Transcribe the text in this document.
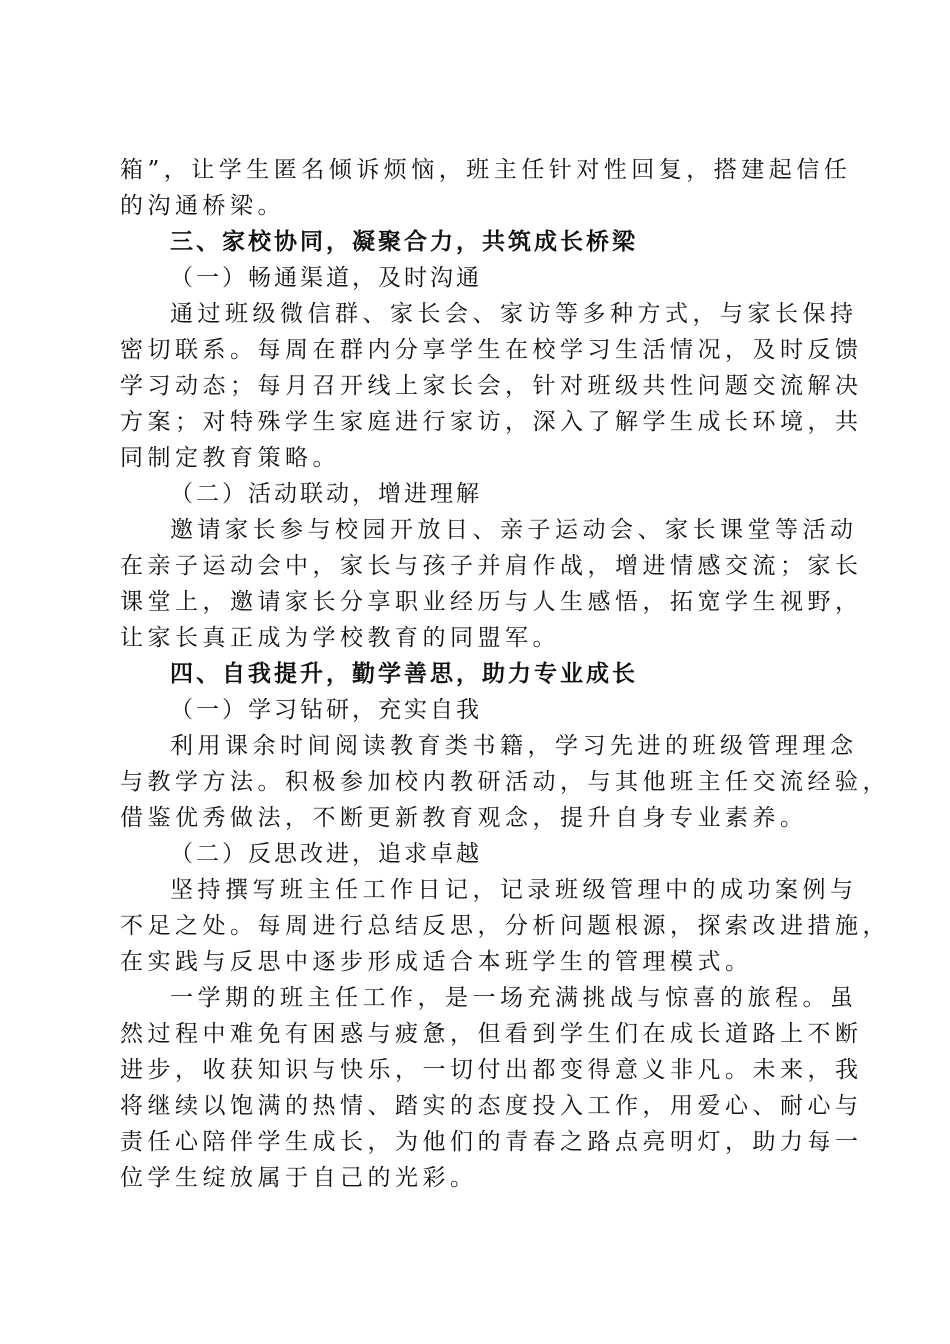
箱”，让学生匿名倾诉烦恼，班主任针对性回复，搭建起信任
的沟通桥梁。
三、家校协同，凝聚合力，共筑成长桥梁
（一）畅通渠道，及时沟通
通过班级微信群、家长会、家访等多种方式，与家长保持
密切联系。每周在群内分享学生在校学习生活情况，及时反馈
学习动态；每月召开线上家长会，针对班级共性问题交流解决
方案；对特殊学生家庭进行家访，深入了解学生成长环境，共
同制定教育策略。
（二）活动联动，增进理解
邀请家长参与校园开放日、亲子运动会、家长课堂等活动
在亲子运动会中，家长与孩子并肩作战，增进情感交流；家长
课堂上，邀请家长分享职业经历与人生感悟，拓宽学生视野，
让家长真正成为学校教育的同盟军。
四、自我提升，勤学善思，助力专业成长
（一）学习钻研，充实自我
利用课余时间阅读教育类书籍，学习先进的班级管理理念
与教学方法。积极参加校内教研活动，与其他班主任交流经验，
借鉴优秀做法，不断更新教育观念，提升自身专业素养。
（二）反思改进，追求卓越
坚持撰写班主任工作日记，记录班级管理中的成功案例与
不足之处。每周进行总结反思，分析问题根源，探索改进措施，
在实践与反思中逐步形成适合本班学生的管理模式。
一学期的班主任工作，是一场充满挑战与惊喜的旅程。虽
然过程中难免有困惑与疲惫，但看到学生们在成长道路上不断
进步，收获知识与快乐，一切付出都变得意义非凡。未来，我
将继续以饱满的热情、踏实的态度投入工作，用爱心、耐心与
责任心陪伴学生成长，为他们的青春之路点亮明灯，助力每一
位学生绽放属于自己的光彩。
